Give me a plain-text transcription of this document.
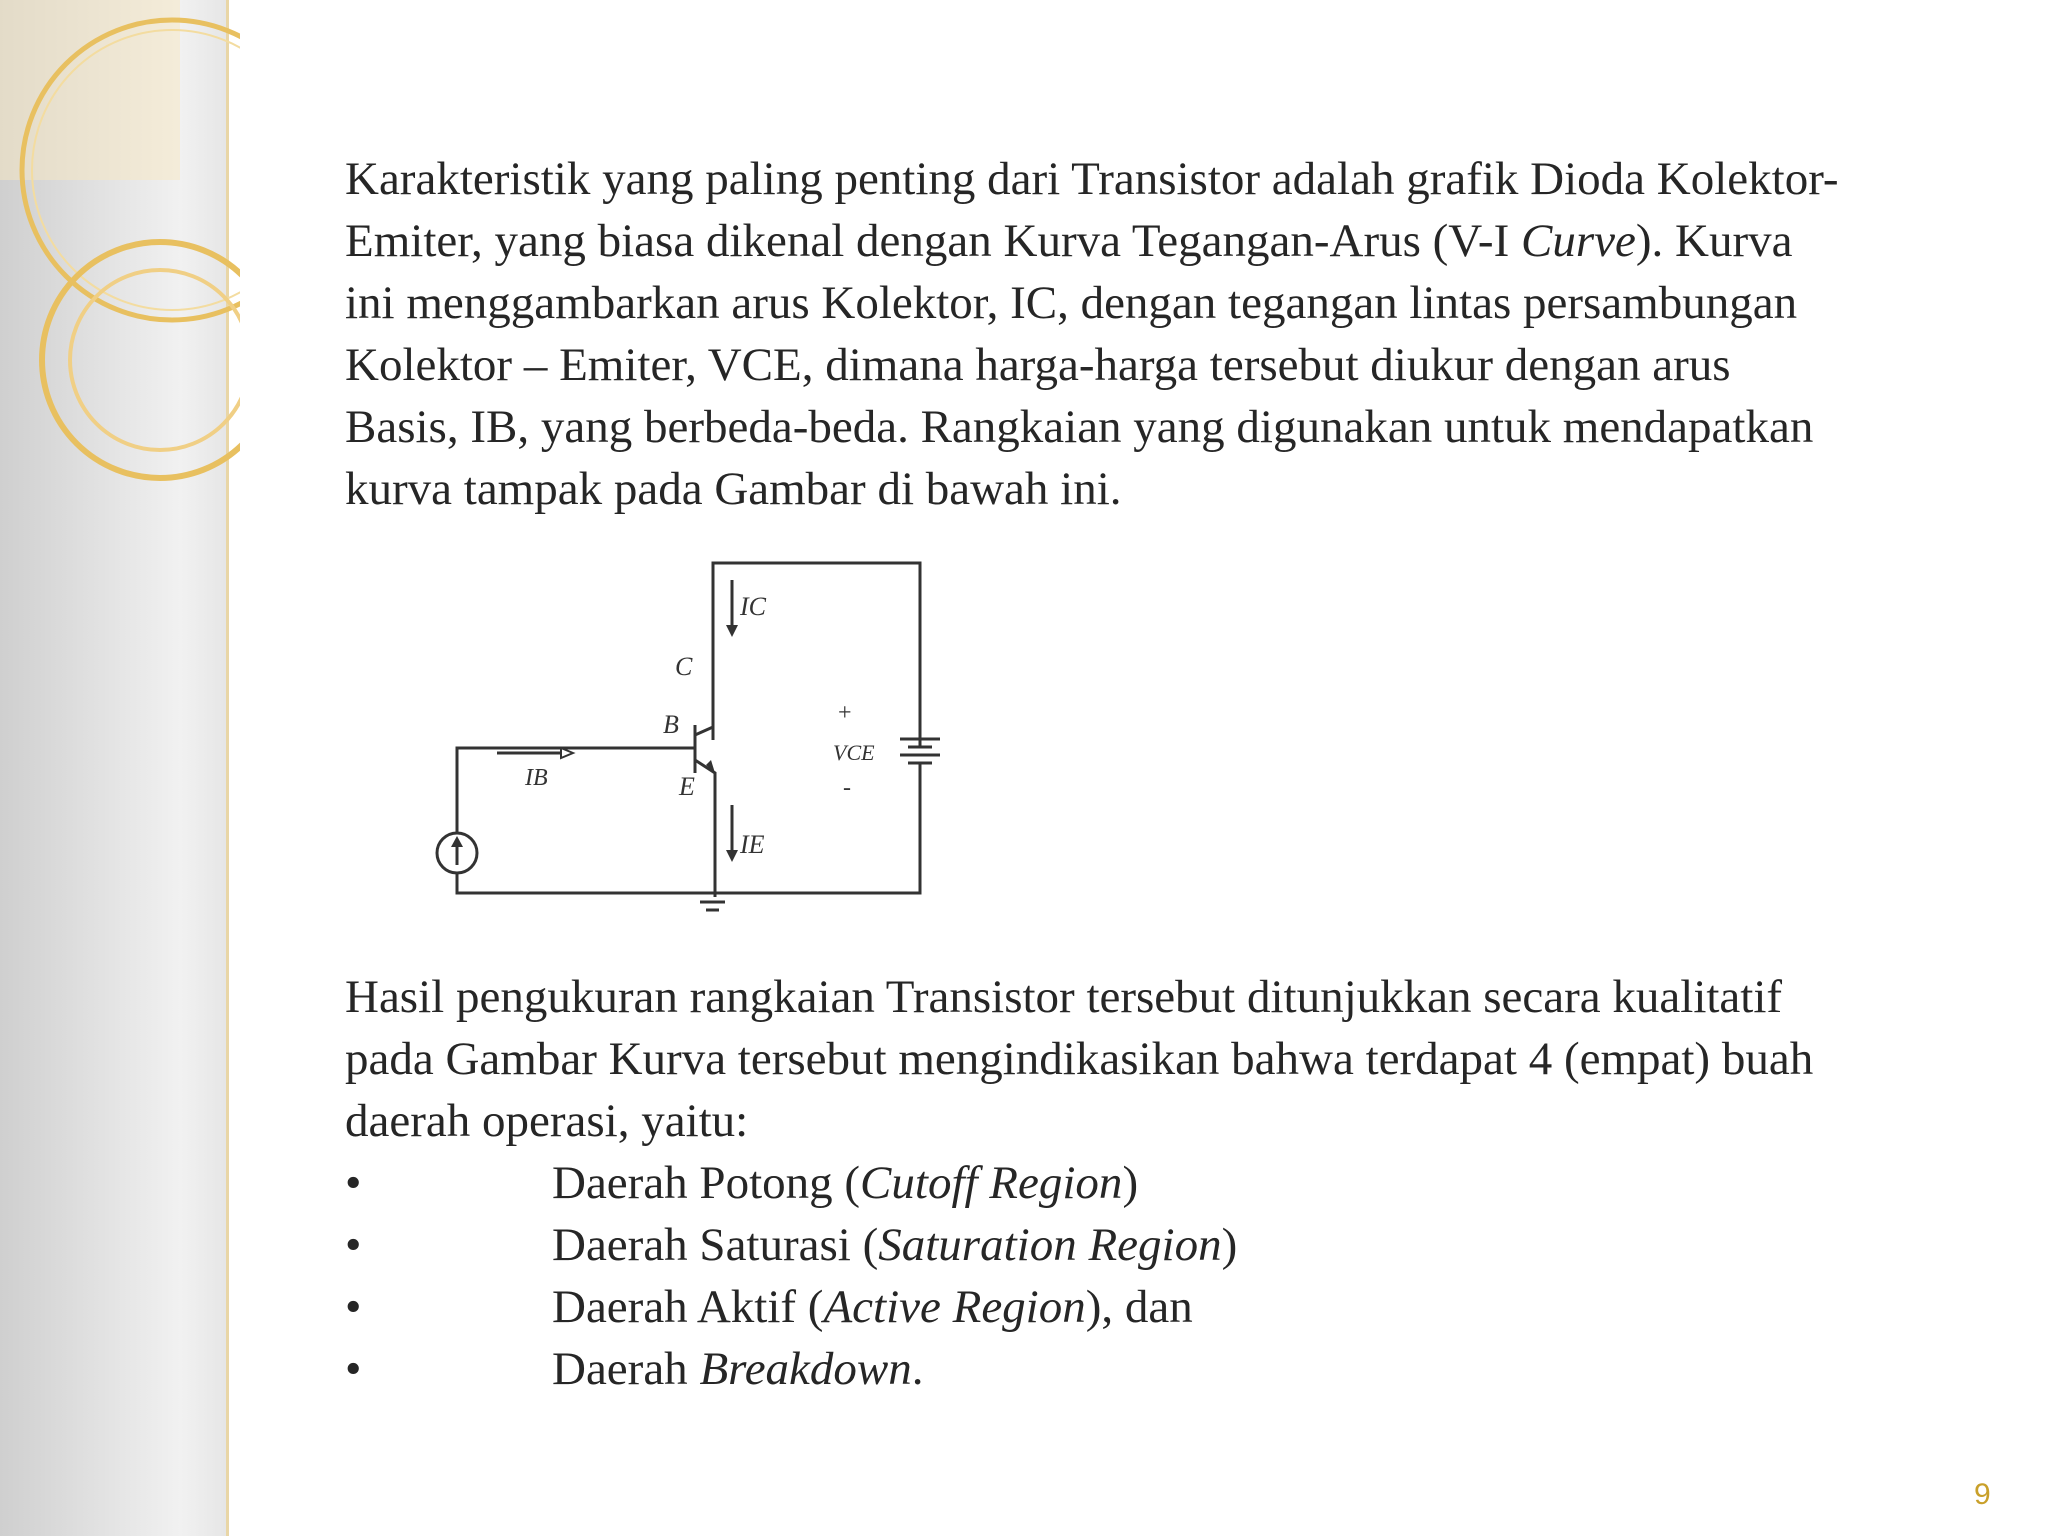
Karakteristik yang paling penting dari Transistor adalah grafik Dioda Kolektor-
Emiter, yang biasa dikenal dengan Kurva Tegangan-Arus (V-I Curve). Kurva
ini menggambarkan arus Kolektor, IC, dengan tegangan lintas persambungan
Kolektor – Emiter, VCE, dimana harga-harga tersebut diukur dengan arus
Basis, IB, yang berbeda-beda. Rangkaian yang digunakan untuk mendapatkan
kurva tampak pada Gambar di bawah ini.

IC
C
B
IB	E
IE
+
VCE
-

Hasil pengukuran rangkaian Transistor tersebut ditunjukkan secara kualitatif
pada Gambar Kurva tersebut mengindikasikan bahwa terdapat 4 (empat) buah
daerah operasi, yaitu:

•	Daerah Potong (Cutoff Region)
•	Daerah Saturasi (Saturation Region)
•	Daerah Aktif (Active Region), dan
•	Daerah Breakdown.
9
